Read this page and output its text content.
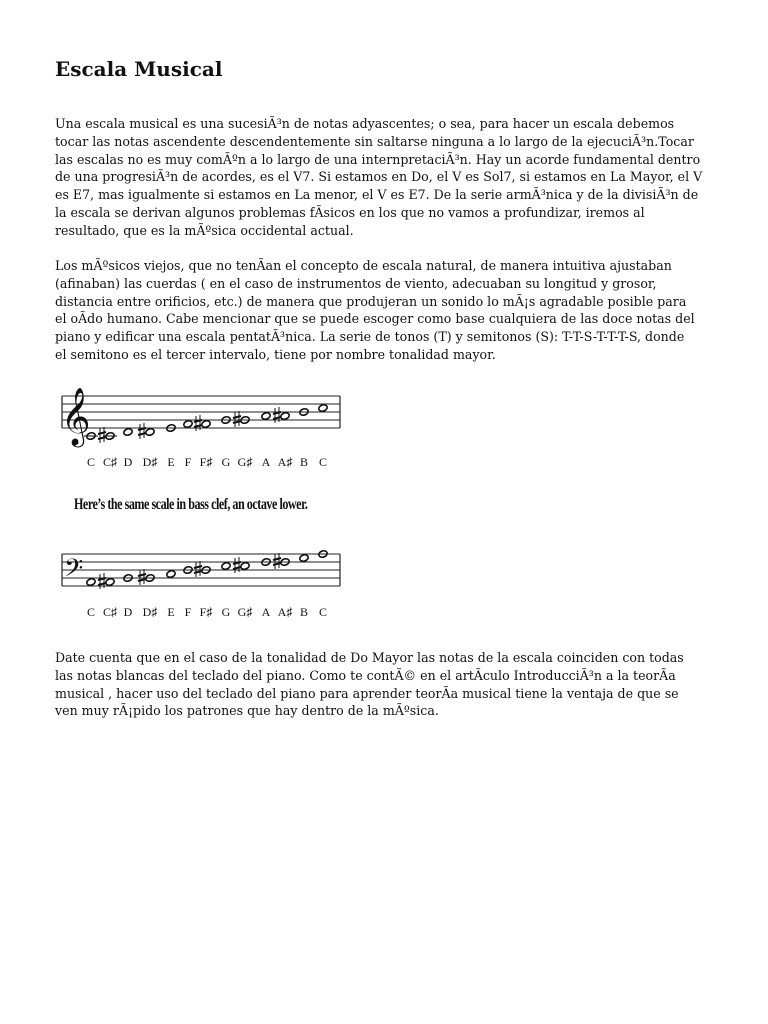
Escala Musical

Una escala musical es una sucesiÃ³n de notas adyascentes; o sea, para hacer un escala debemos
tocar las notas ascendente descendentemente sin saltarse ninguna a lo largo de la ejecuciÃ³n.Tocar
las escalas no es muy comÃºn a lo largo de una internpretaciÃ³n. Hay un acorde fundamental dentro
de una progresiÃ³n de acordes, es el V7. Si estamos en Do, el V es Sol7, si estamos en La Mayor, el V
es E7, mas igualmente si estamos en La menor, el V es E7. De la serie armÃ³nica y de la divisiÃ³n de
la escala se derivan algunos problemas fÃsicos en los que no vamos a profundizar, iremos al
resultado, que es la mÃºsica occidental actual.

Los mÃºsicos viejos, que no tenÃan el concepto de escala natural, de manera intuitiva ajustaban
(afinaban) las cuerdas ( en el caso de instrumentos de viento, adecuaban su longitud y grosor,
distancia entre orificios, etc.) de manera que produjeran un sonido lo mÃ¡s agradable posible para
el oÃdo humano. Cabe mencionar que se puede escoger como base cualquiera de las doce notas del
piano y edificar una escala pentatÃ³nica. La serie de tonos (T) y semitonos (S): T-T-S-T-T-T-S, donde
el semitono es el tercer intervalo, tiene por nombre tonalidad mayor.

𝄞
C C♯ D D♯ E F F♯ G G♯ A A♯ B C

Here’s the same scale in bass clef, an octave lower.

𝄢
C C♯ D D♯ E F F♯ G G♯ A A♯ B C

Date cuenta que en el caso de la tonalidad de Do Mayor las notas de la escala coinciden con todas
las notas blancas del teclado del piano. Como te contÃ© en el artÃculo IntroducciÃ³n a la teorÃa
musical , hacer uso del teclado del piano para aprender teorÃa musical tiene la ventaja de que se
ven muy rÃ¡pido los patrones que hay dentro de la mÃºsica.
